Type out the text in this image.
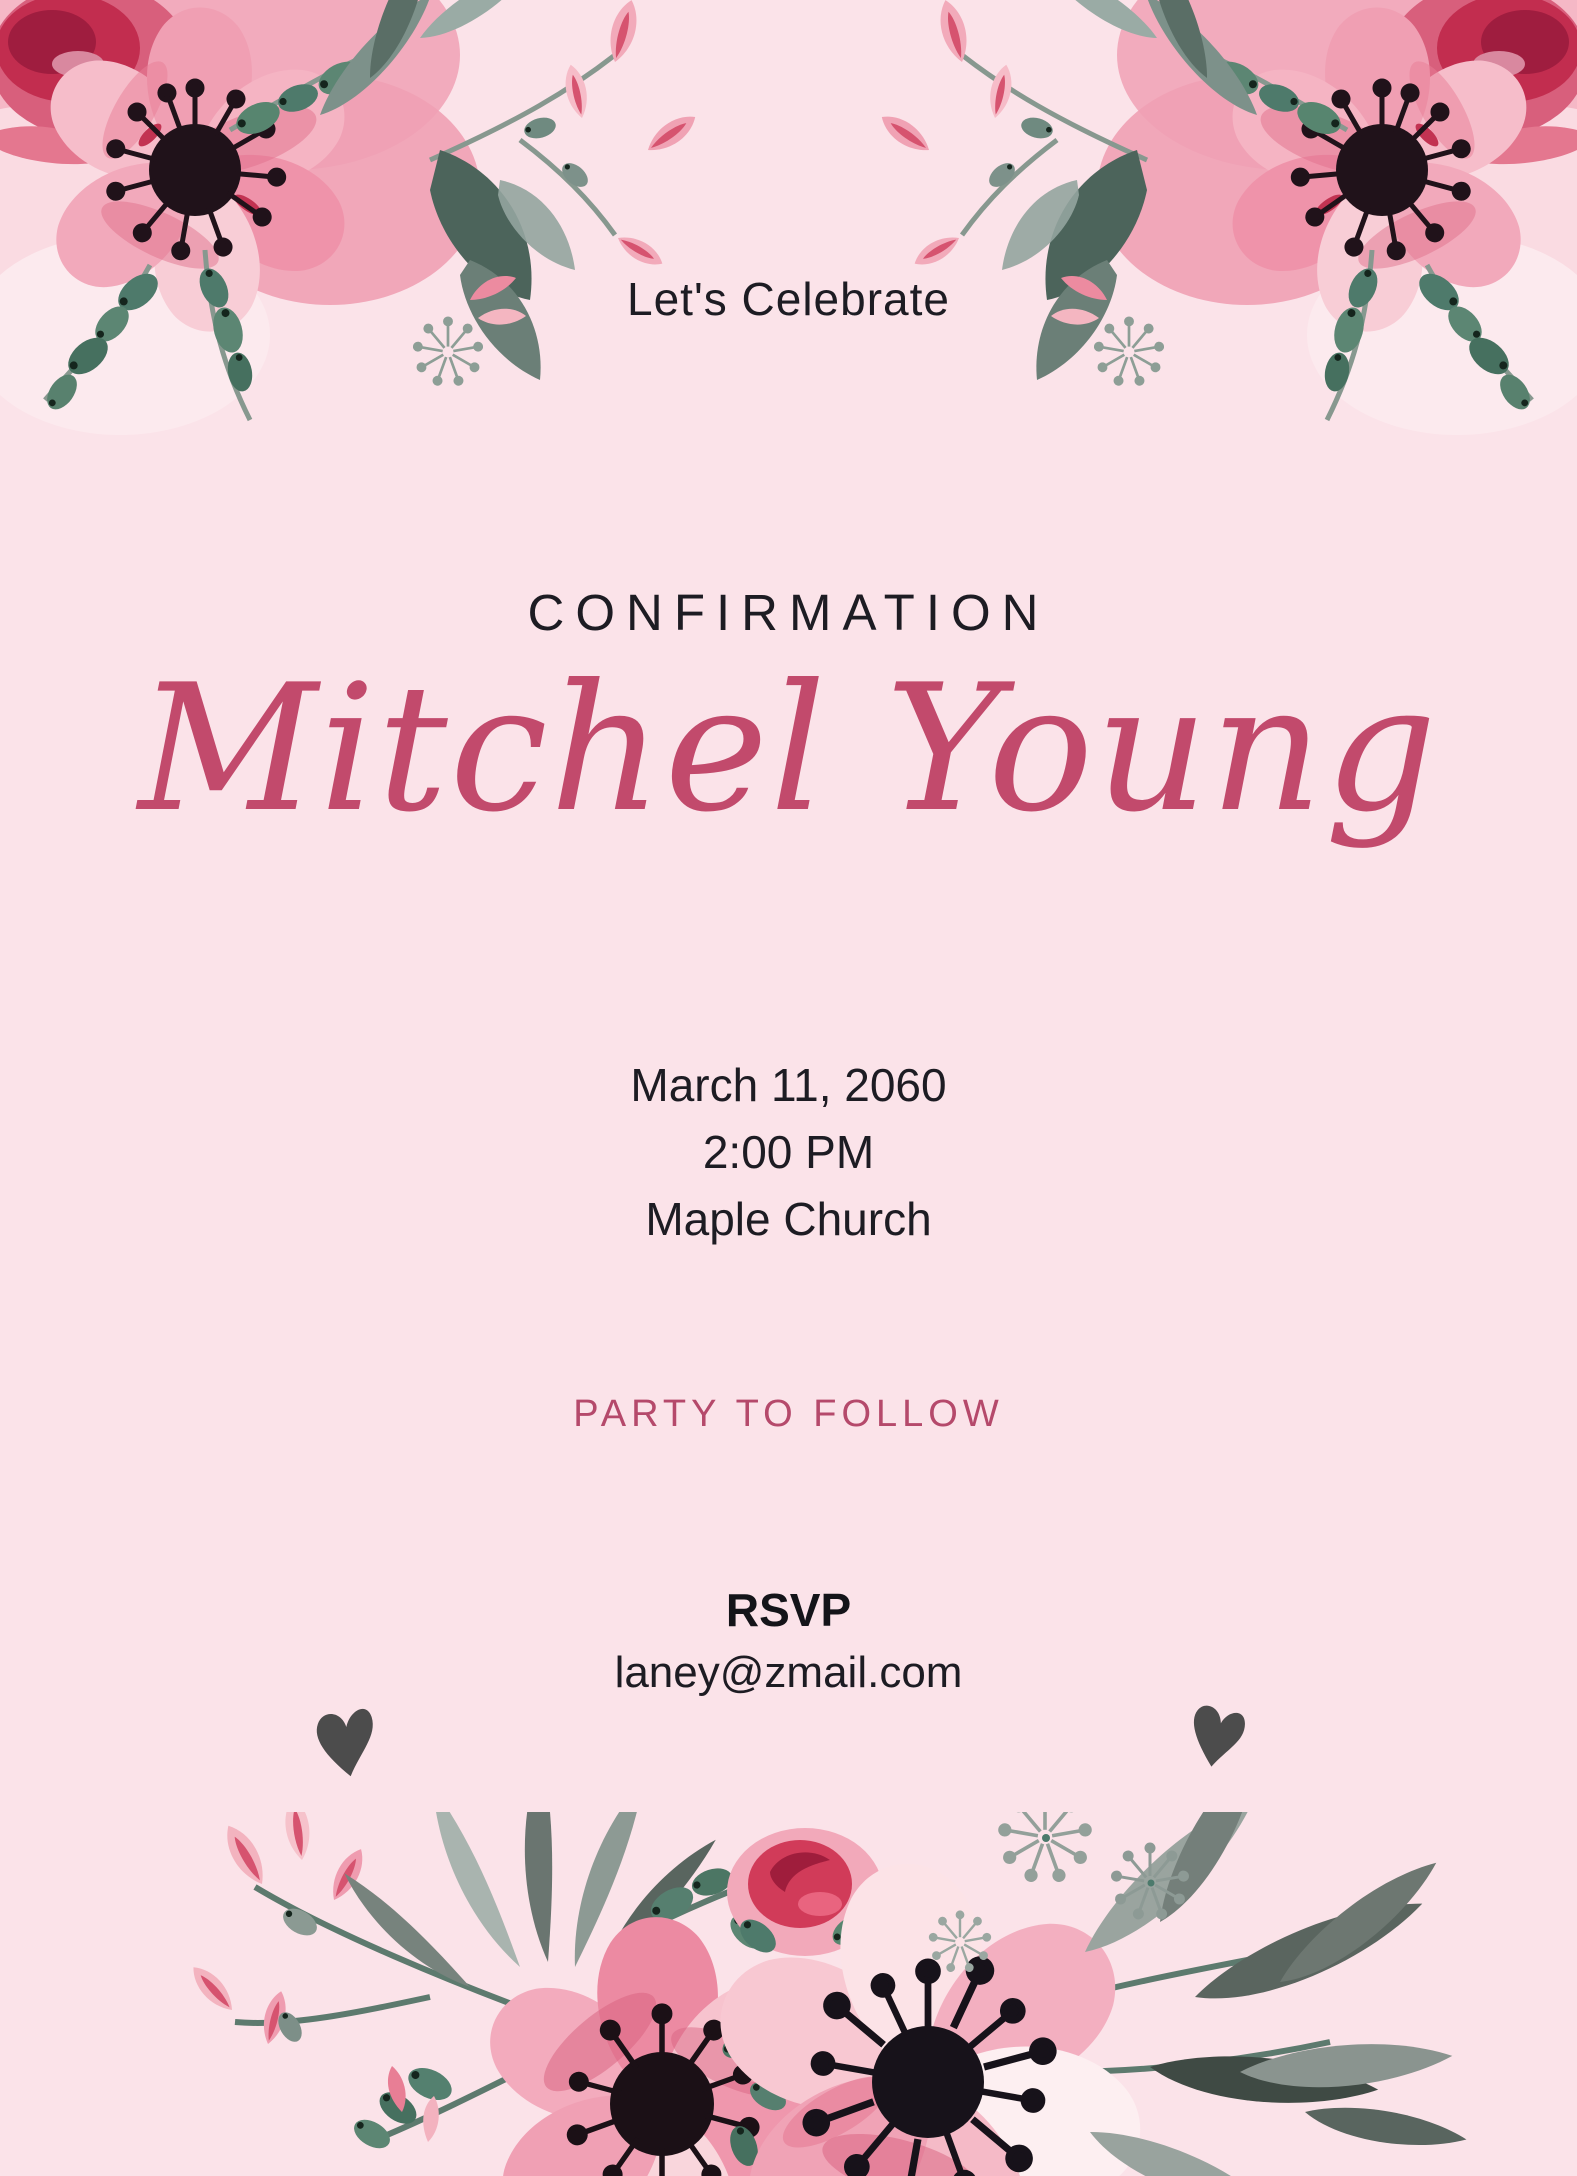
Let's Celebrate
CONFIRMATION
Mitchel Young
March 11, 2060
2:00 PM
Maple Church
PARTY TO FOLLOW
RSVP
laney@zmail.com
